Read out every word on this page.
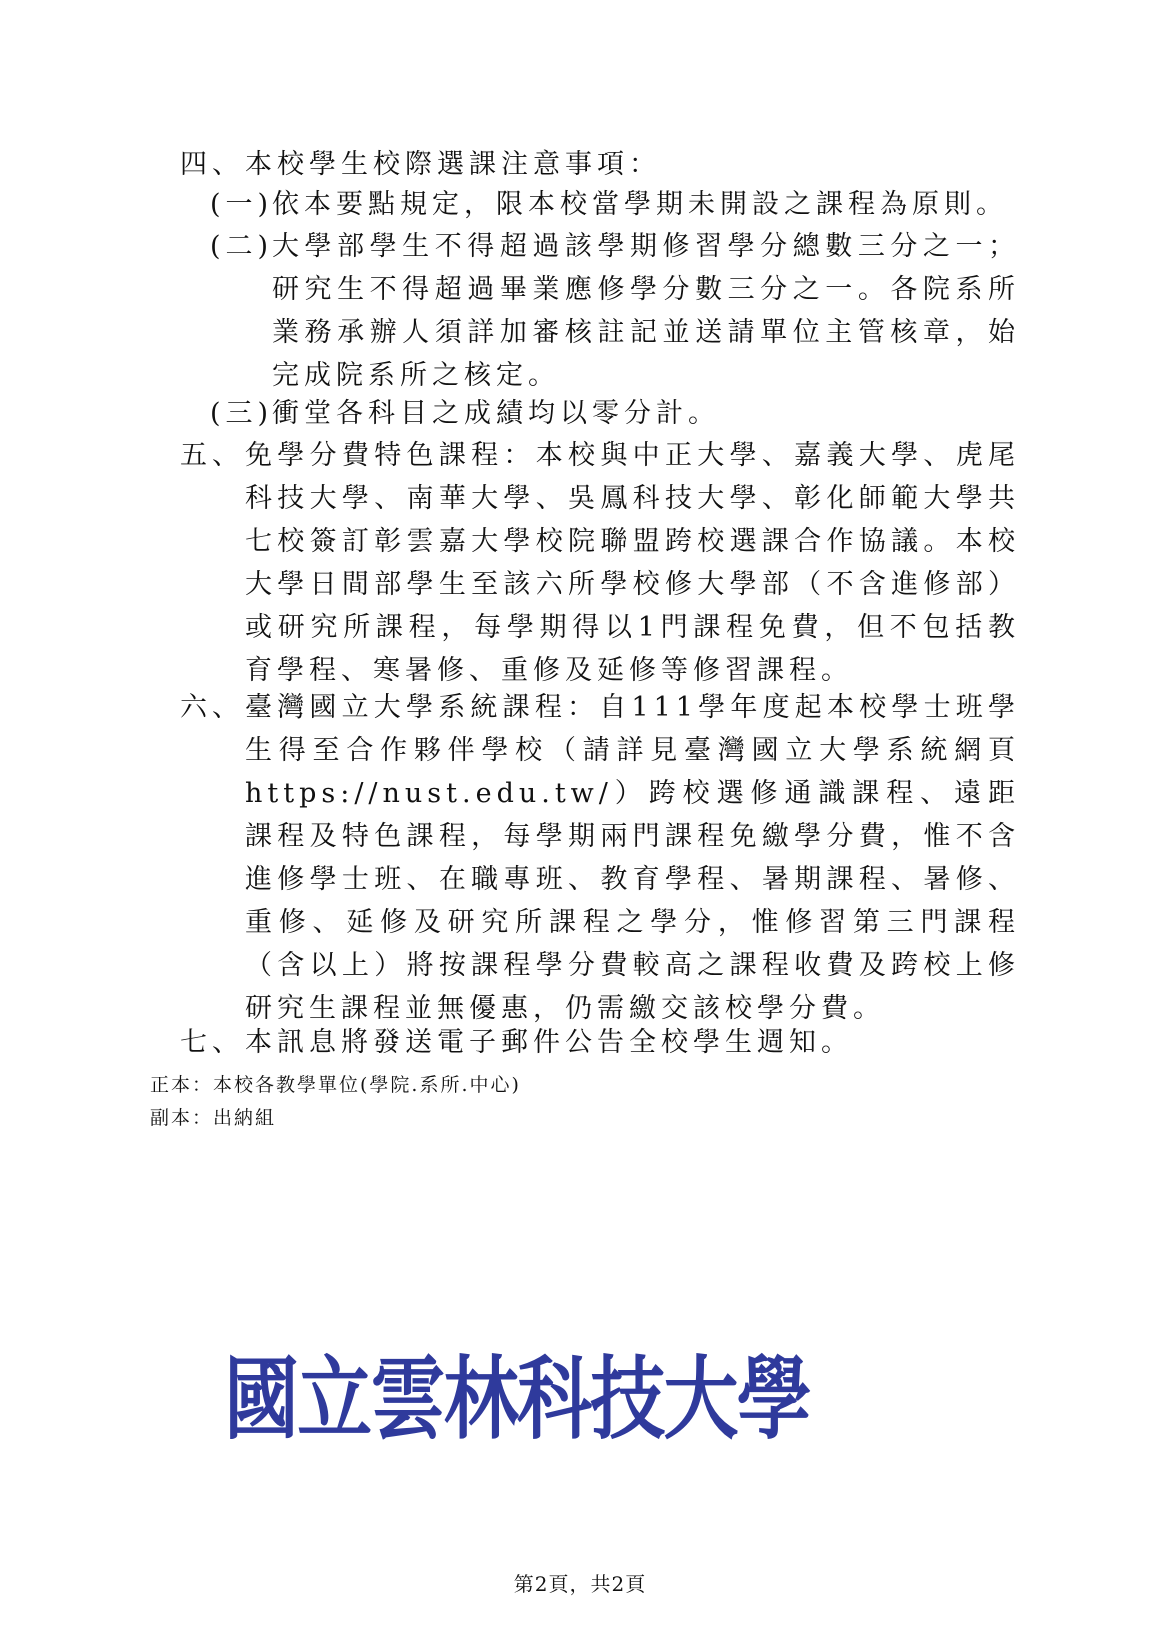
四、 本校學生校際選課注意事項：
(一)
依本要點規定，限本校當學期未開設之課程為原則。
(二)
大學部學生不得超過該學期修習學分總數三分之一；研究生不得超過畢業應修學分數三分之一。各院系所業務承辦人須詳加審核註記並送請單位主管核章，始完成院系所之核定。
(三)
衝堂各科目之成績均以零分計。
五、 免學分費特色課程：本校與中正大學、嘉義大學、虎尾科技大學、南華大學、吳鳳科技大學、彰化師範大學共七校簽訂彰雲嘉大學校院聯盟跨校選課合作協議。本校大學日間部學生至該六所學校修大學部（不含進修部）或研究所課程，每學期得以1門課程免費，但不包括教育學程、寒暑修、重修及延修等修習課程。
六、 臺灣國立大學系統課程：自111學年度起本校學士班學生得至合作夥伴學校（請詳見臺灣國立大學系統網頁https://nust.edu.tw/）跨校選修通識課程、遠距課程及特色課程，每學期兩門課程免繳學分費，惟不含進修學士班、在職專班、教育學程、暑期課程、暑修、重修、延修及研究所課程之學分，惟修習第三門課程（含以上）將按課程學分費較高之課程收費及跨校上修研究生課程並無優惠，仍需繳交該校學分費。
七、 本訊息將發送電子郵件公告全校學生週知。
正本：本校各教學單位(學院.系所.中心)
副本：出納組
國立雲林科技大學
第2頁，共2頁
